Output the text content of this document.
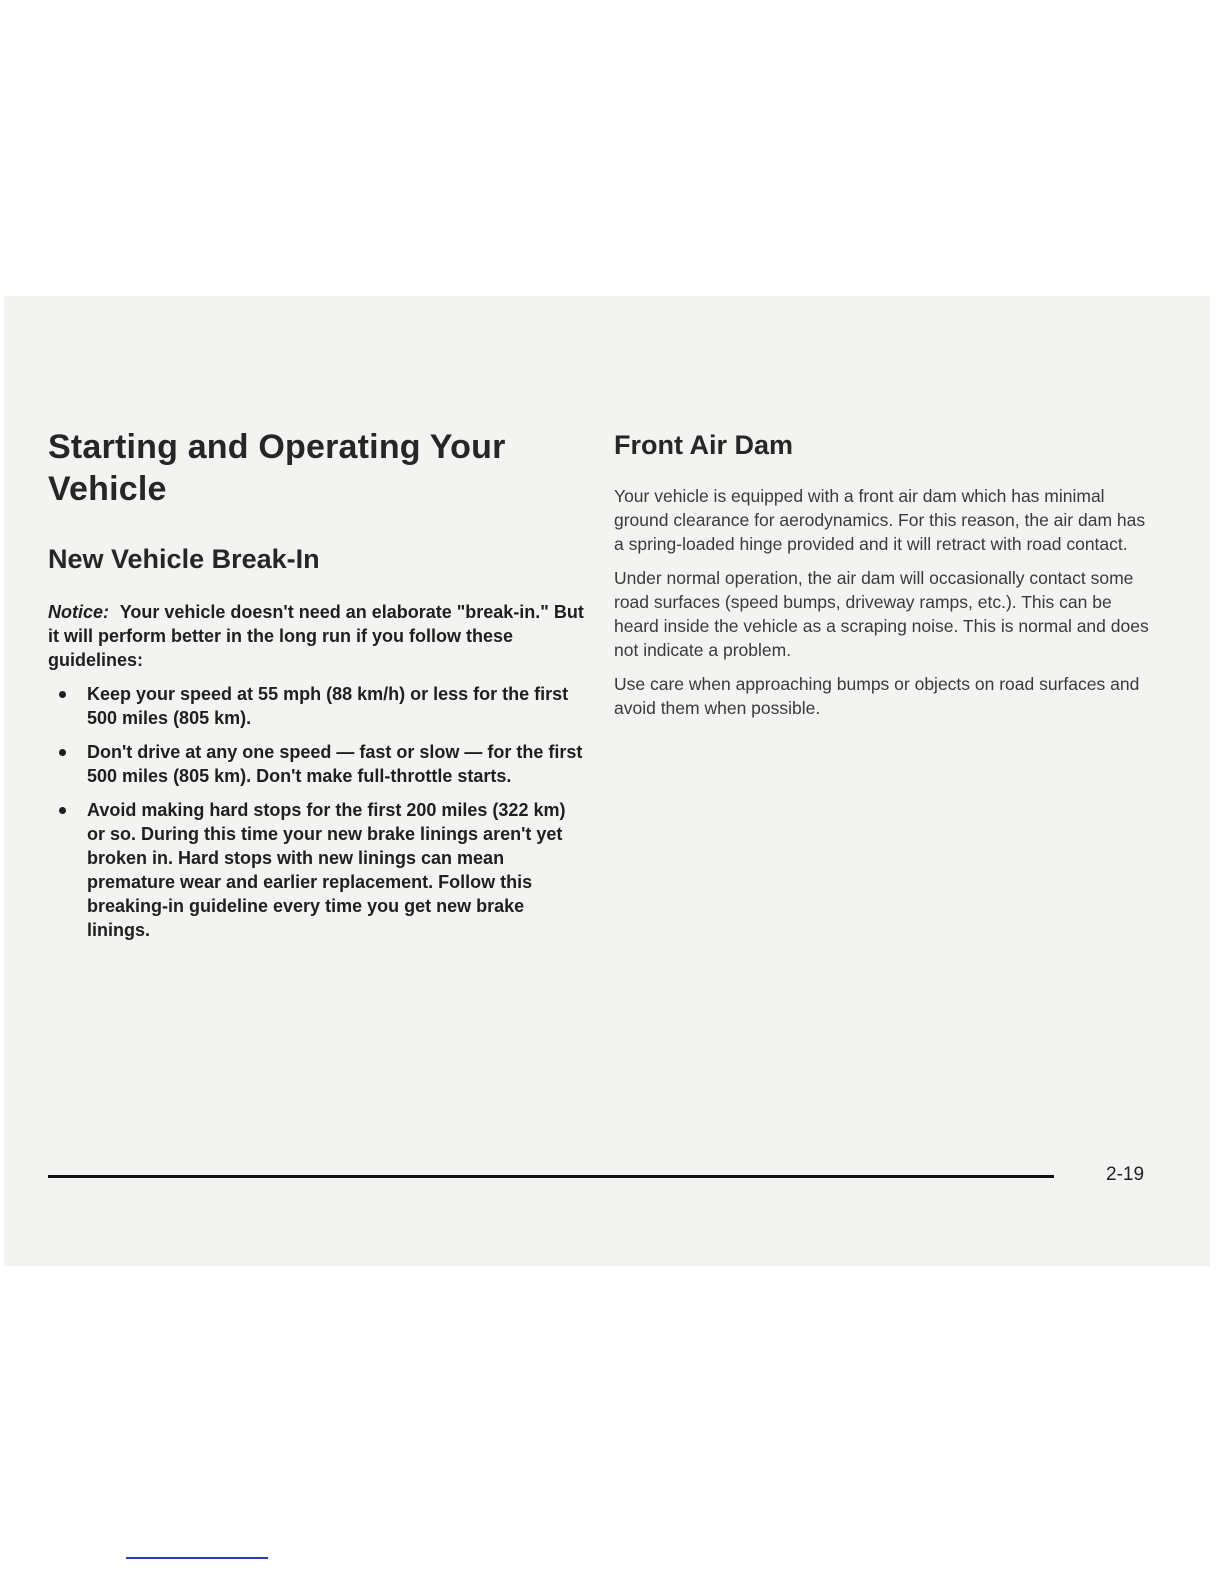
Starting and Operating Your Vehicle
New Vehicle Break-In

Notice: Your vehicle doesn't need an elaborate "break-in." But it will perform better in the long run if you follow these guidelines:

Keep your speed at 55 mph (88 km/h) or less for the first 500 miles (805 km).
Don't drive at any one speed — fast or slow — for the first 500 miles (805 km). Don't make full-throttle starts.
Avoid making hard stops for the first 200 miles (322 km) or so. During this time your new brake linings aren't yet broken in. Hard stops with new linings can mean premature wear and earlier replacement. Follow this breaking-in guideline every time you get new brake linings.
Front Air Dam

Your vehicle is equipped with a front air dam which has minimal ground clearance for aerodynamics. For this reason, the air dam has a spring-loaded hinge provided and it will retract with road contact.

Under normal operation, the air dam will occasionally contact some road surfaces (speed bumps, driveway ramps, etc.). This can be heard inside the vehicle as a scraping noise. This is normal and does not indicate a problem.

Use care when approaching bumps or objects on road surfaces and avoid them when possible.

2-19
